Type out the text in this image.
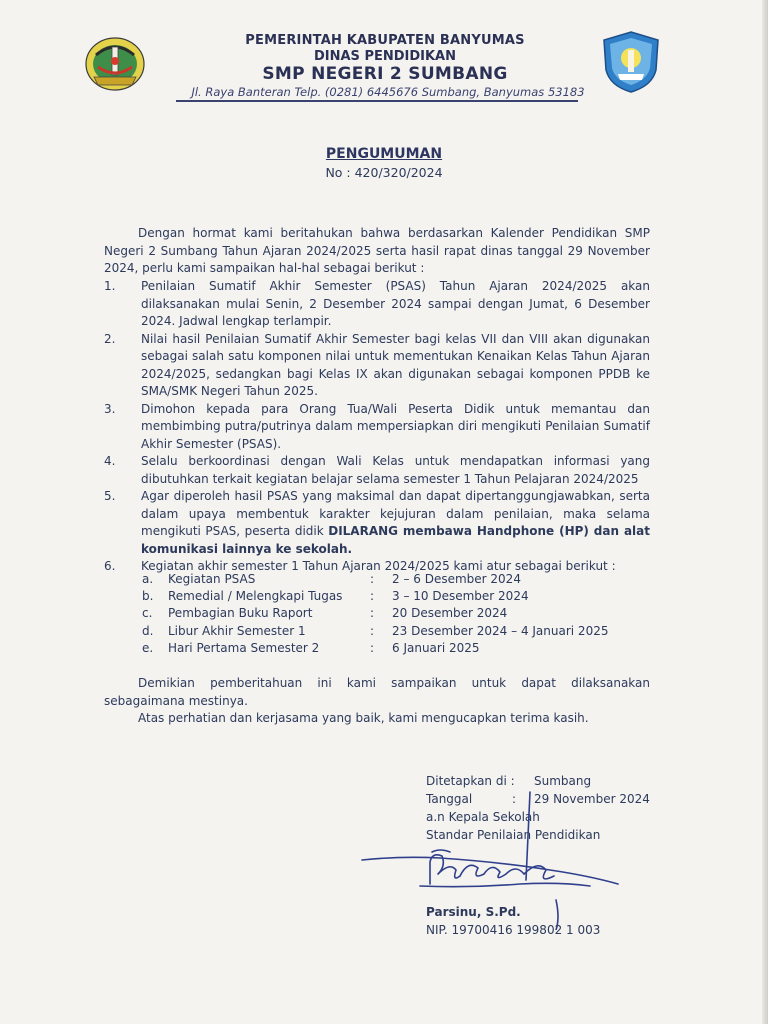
PEMERINTAH KABUPATEN BANYUMAS
DINAS PENDIDIKAN
SMP NEGERI 2 SUMBANG
Jl. Raya Banteran Telp. (0281) 6445676 Sumbang, Banyumas 53183
PENGUMUMAN
No : 420/320/2024
Dengan hormat kami beritahukan bahwa berdasarkan Kalender Pendidikan SMP Negeri 2 Sumbang Tahun Ajaran 2024/2025 serta hasil rapat dinas tanggal 29 November 2024, perlu kami sampaikan hal-hal sebagai berikut :
1. Penilaian Sumatif Akhir Semester (PSAS) Tahun Ajaran 2024/2025 akan dilaksanakan mulai Senin, 2 Desember 2024 sampai dengan Jumat, 6 Desember 2024. Jadwal lengkap terlampir.
2. Nilai hasil Penilaian Sumatif Akhir Semester bagi kelas VII dan VIII akan digunakan sebagai salah satu komponen nilai untuk mementukan Kenaikan Kelas Tahun Ajaran 2024/2025, sedangkan bagi Kelas IX akan digunakan sebagai komponen PPDB ke SMA/SMK Negeri Tahun 2025.
3. Dimohon kepada para Orang Tua/Wali Peserta Didik untuk memantau dan membimbing putra/putrinya dalam mempersiapkan diri mengikuti Penilaian Sumatif Akhir Semester (PSAS).
4. Selalu berkoordinasi dengan Wali Kelas untuk mendapatkan informasi yang dibutuhkan terkait kegiatan belajar selama semester 1 Tahun Pelajaran 2024/2025
5. Agar diperoleh hasil PSAS yang maksimal dan dapat dipertanggungjawabkan, serta dalam upaya membentuk karakter kejujuran dalam penilaian, maka selama mengikuti PSAS, peserta didik DILARANG membawa Handphone (HP) dan alat komunikasi lainnya ke sekolah.
6. Kegiatan akhir semester 1 Tahun Ajaran 2024/2025 kami atur sebagai berikut :
a. Kegiatan PSAS	: 2 – 6 Desember 2024
b. Remedial / Melengkapi Tugas : 3 – 10 Desember 2024
c. Pembagian Buku Raport	: 20 Desember 2024
d. Libur Akhir Semester 1	: 23 Desember 2024 – 4 Januari 2025
e. Hari Pertama Semester 2	: 6 Januari 2025
Demikian pemberitahuan ini kami sampaikan untuk dapat dilaksanakan sebagaimana mestinya.
Atas perhatian dan kerjasama yang baik, kami mengucapkan terima kasih.
Ditetapkan di : Sumbang
Tanggal	: 29 November 2024
a.n Kepala Sekolah
Standar Penilaian Pendidikan
Parsinu, S.Pd.
NIP. 19700416 199802 1 003
